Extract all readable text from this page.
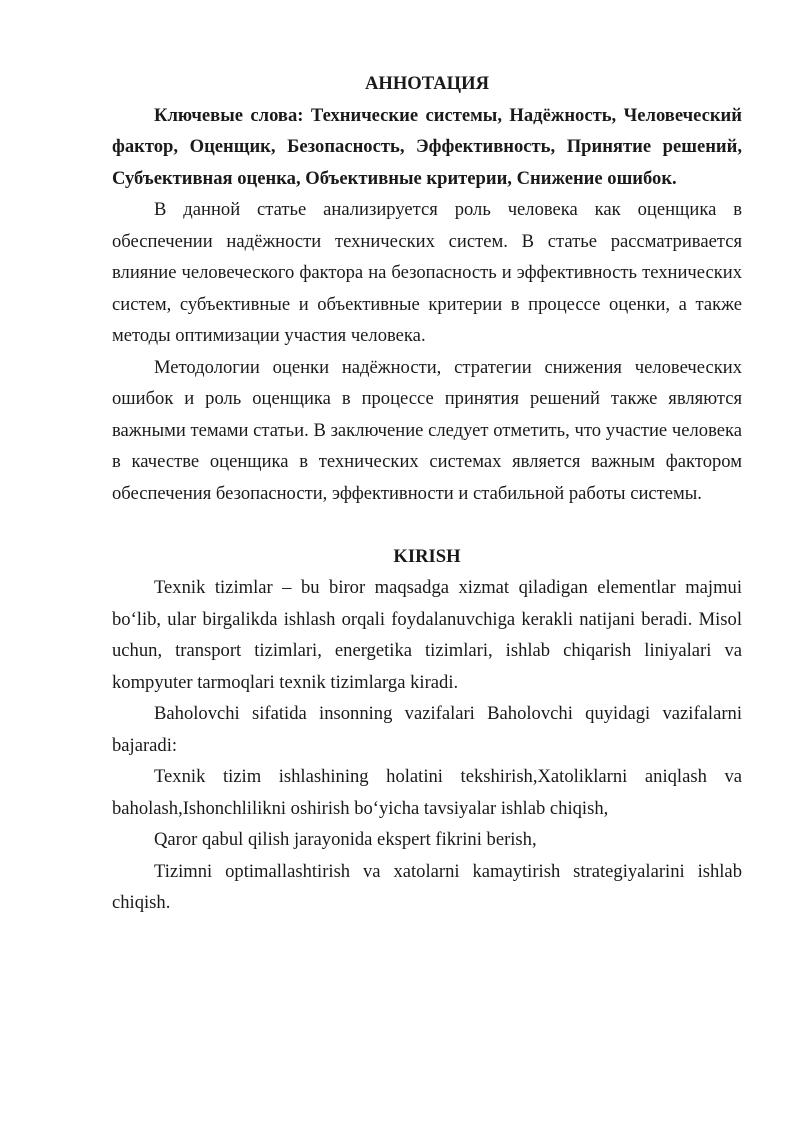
АННОТАЦИЯ

Ключевые слова: Технические системы, Надёжность, Человеческий фактор, Оценщик, Безопасность, Эффективность, Принятие решений, Субъективная оценка, Объективные критерии, Снижение ошибок.

В данной статье анализируется роль человека как оценщика в обеспечении надёжности технических систем. В статье рассматривается влияние человеческого фактора на безопасность и эффективность технических систем, субъективные и объективные критерии в процессе оценки, а также методы оптимизации участия человека.

Методологии оценки надёжности, стратегии снижения человеческих ошибок и роль оценщика в процессе принятия решений также являются важными темами статьи. В заключение следует отметить, что участие человека в качестве оценщика в технических системах является важным фактором обеспечения безопасности, эффективности и стабильной работы системы.

KIRISH

Texnik tizimlar – bu biror maqsadga xizmat qiladigan elementlar majmui bo‘lib, ular birgalikda ishlash orqali foydalanuvchiga kerakli natijani beradi. Misol uchun, transport tizimlari, energetika tizimlari, ishlab chiqarish liniyalari va kompyuter tarmoqlari texnik tizimlarga kiradi.

Baholovchi sifatida insonning vazifalari Baholovchi quyidagi vazifalarni bajaradi:

Texnik tizim ishlashining holatini tekshirish,Xatoliklarni aniqlash va baholash,Ishonchlilikni oshirish bo‘yicha tavsiyalar ishlab chiqish,

Qaror qabul qilish jarayonida ekspert fikrini berish,

Tizimni optimallashtirish va xatolarni kamaytirish strategiyalarini ishlab chiqish.
